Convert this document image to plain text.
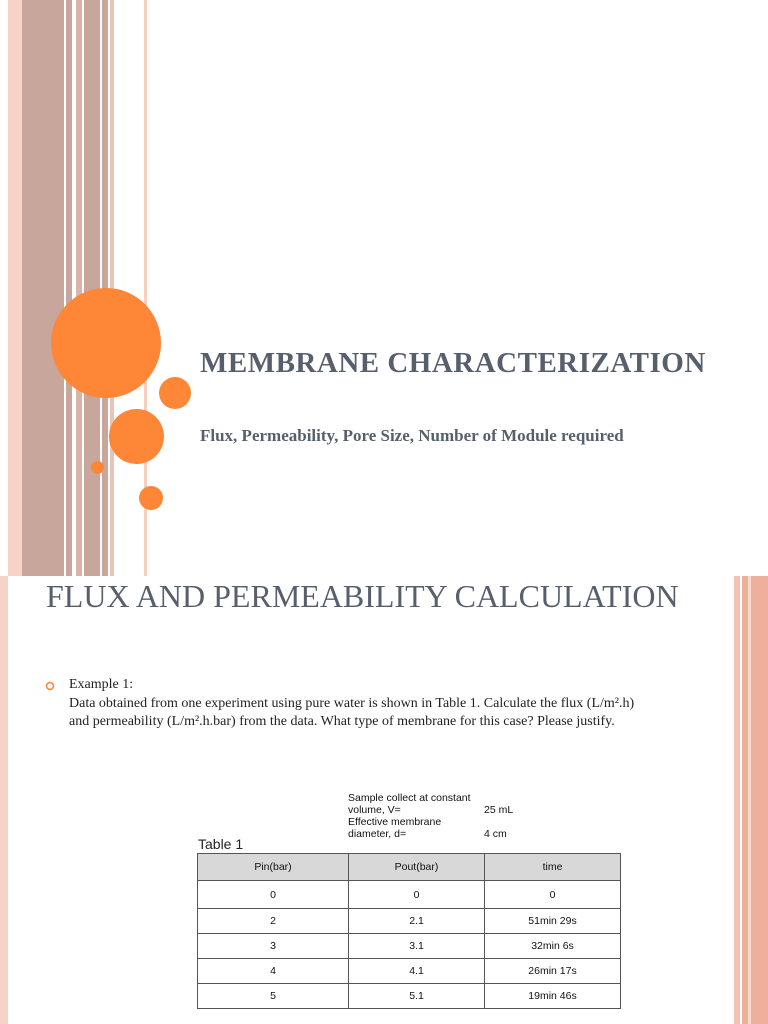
MEMBRANE CHARACTERIZATION

Flux, Permeability, Pore Size, Number of Module required

FLUX AND PERMEABILITY CALCULATION
Example 1:
Data obtained from one experiment using pure water is shown in Table 1. Calculate the flux (L/m².h) and permeability (L/m².h.bar) from the data. What type of membrane for this case? Please justify.
Sample collect at constant volume, V=	25 mL
Effective membrane diameter, d=	4 cm
Table 1
Pin(bar)	Pout(bar)	time
0	0	0
2	2.1	51min 29s
3	3.1	32min 6s
4	4.1	26min 17s
5	5.1	19min 46s
